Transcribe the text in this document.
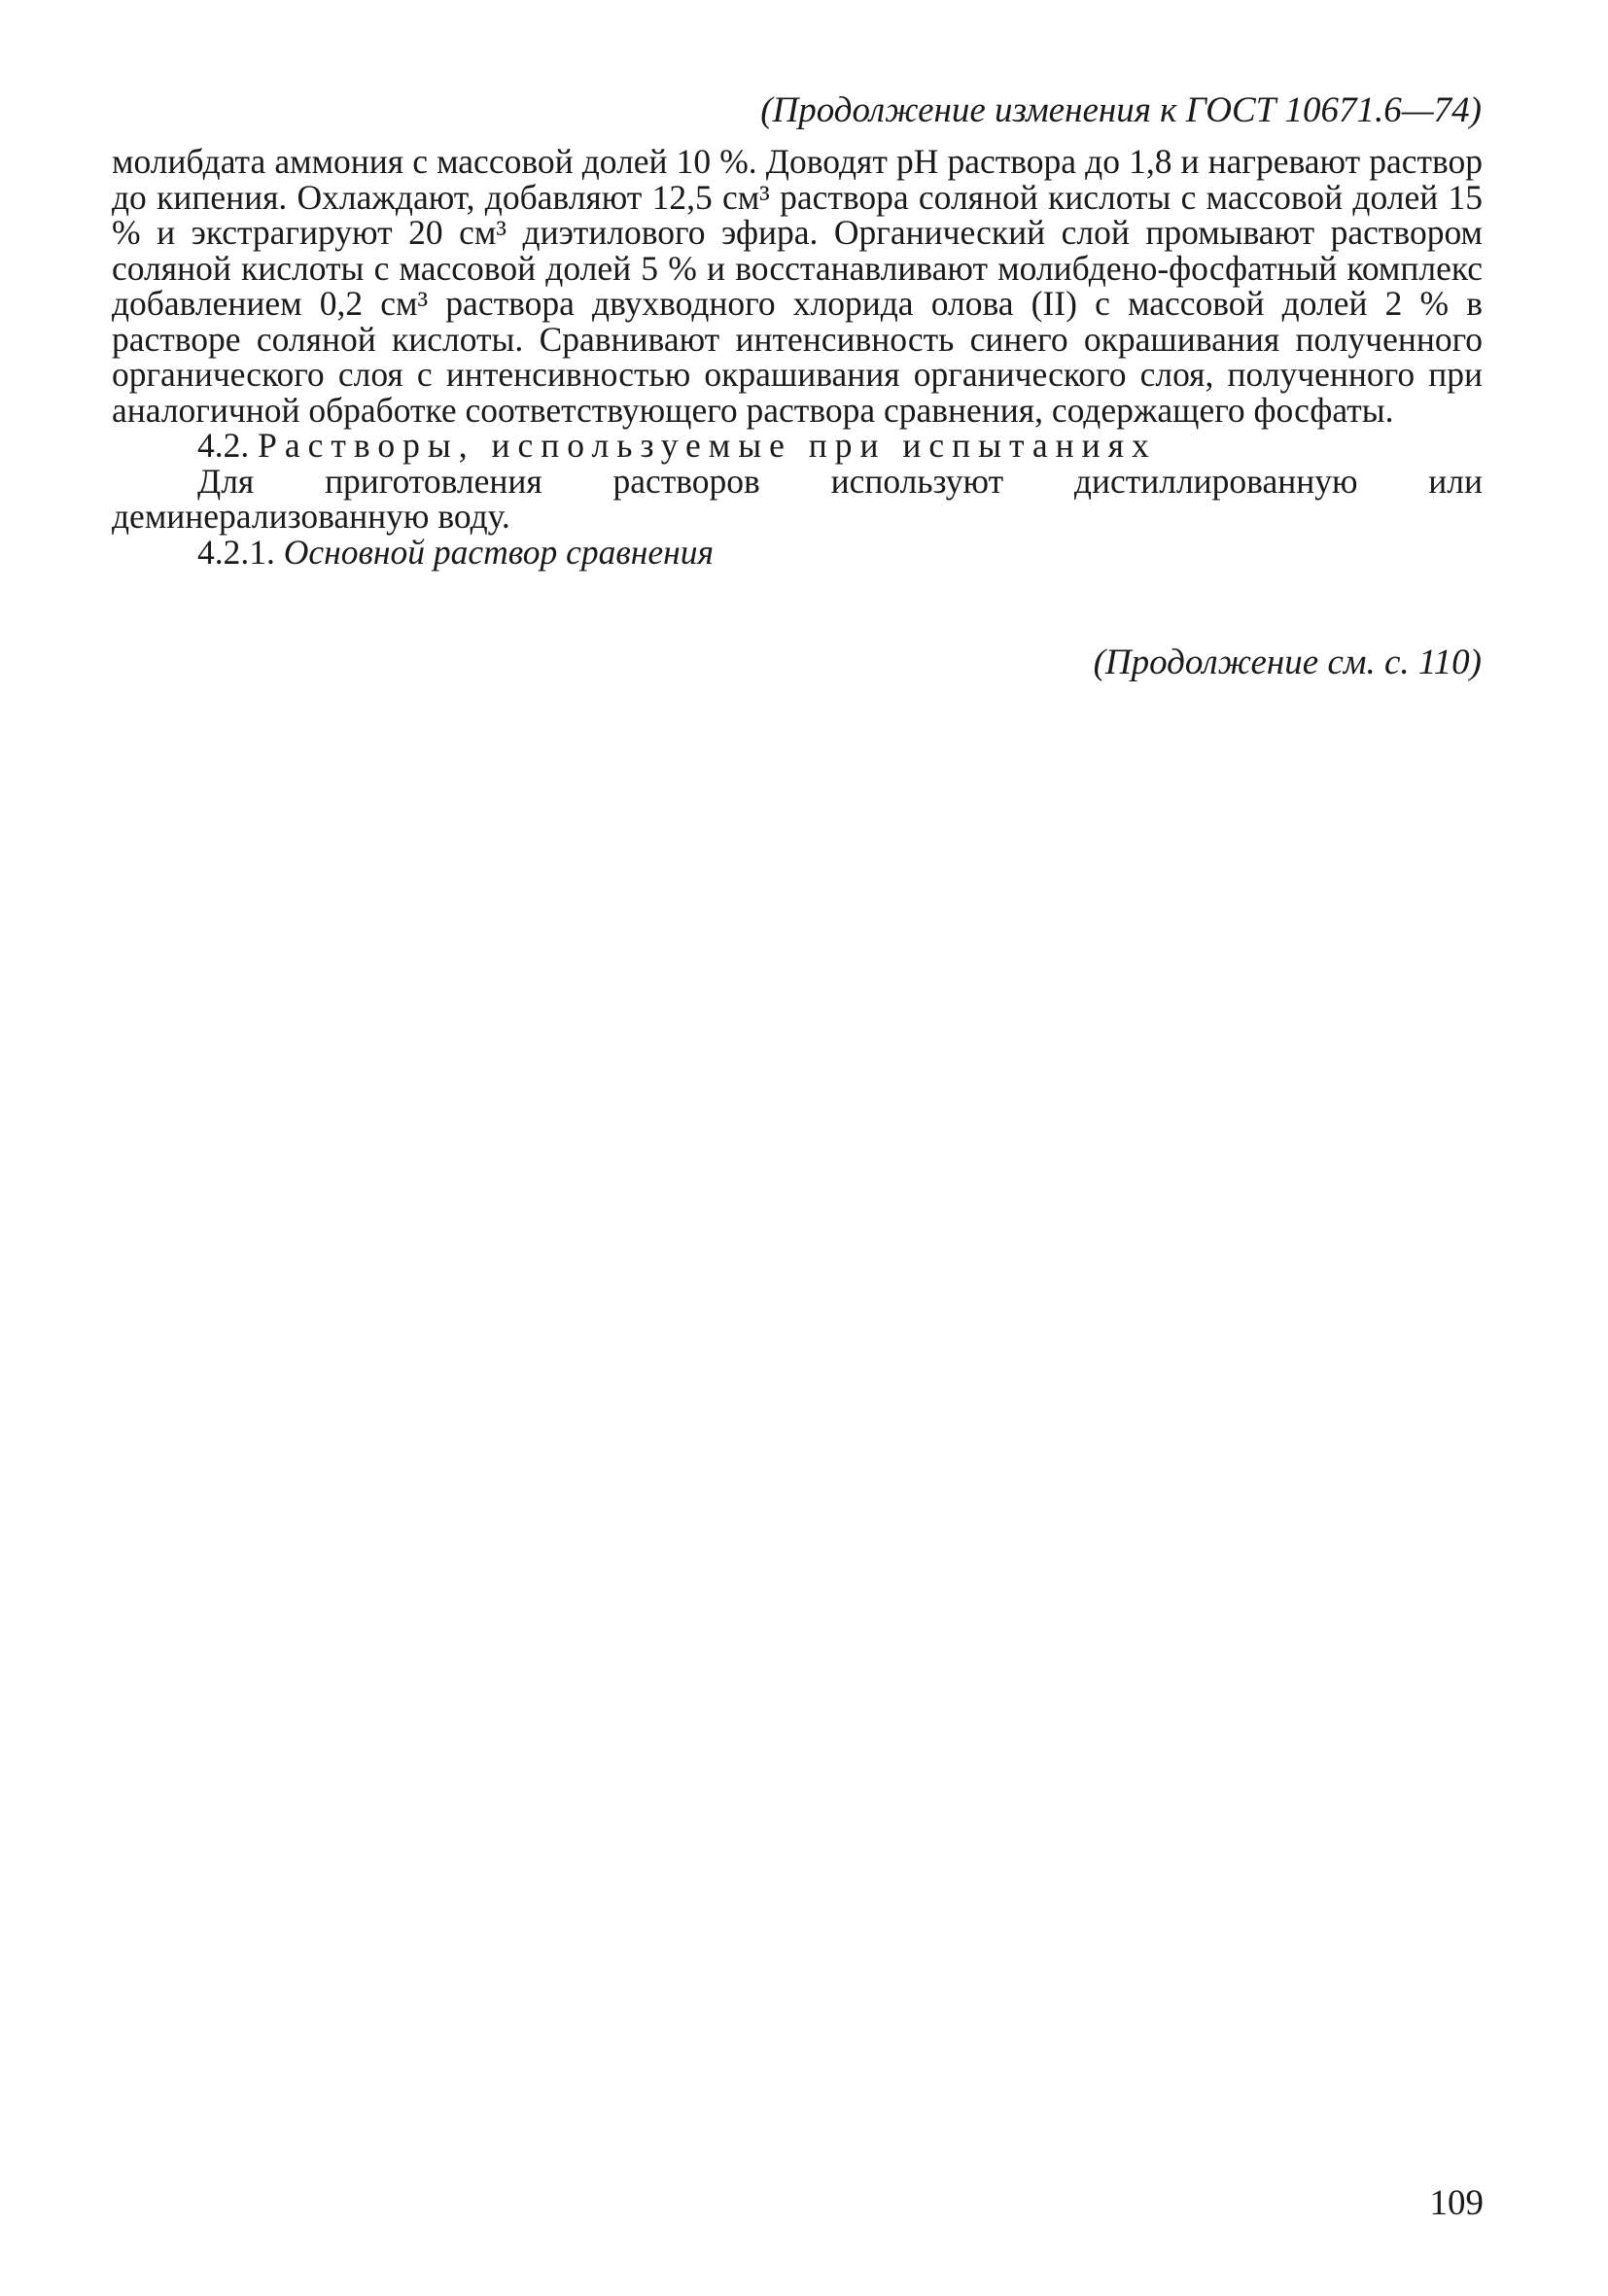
(Продолжение изменения к ГОСТ 10671.6—74)

молибдата аммония с массовой долей 10 %. Доводят pH раствора до 1,8 и нагревают раствор до кипения. Охлаждают, добавляют 12,5 см³ раствора соляной кислоты с массовой долей 15 % и экстрагируют 20 см³ диэтилового эфира. Органический слой промывают раствором соляной кислоты с массовой долей 5 % и восстанавливают молибдено-фосфатный комплекс добавлением 0,2 см³ раствора двухводного хлорида олова (II) с массовой долей 2 % в растворе соляной кислоты. Сравнивают интенсивность синего окрашивания полученного органического слоя с интенсивностью окрашивания органического слоя, полученного при аналогичной обработке соответствующего раствора сравнения, содержащего фосфаты.

4.2. Растворы, используемые при испытаниях

Для приготовления растворов используют дистиллированную или деминерализованную воду.

4.2.1. Основной раствор сравнения

(Продолжение см. с. 110)
109
